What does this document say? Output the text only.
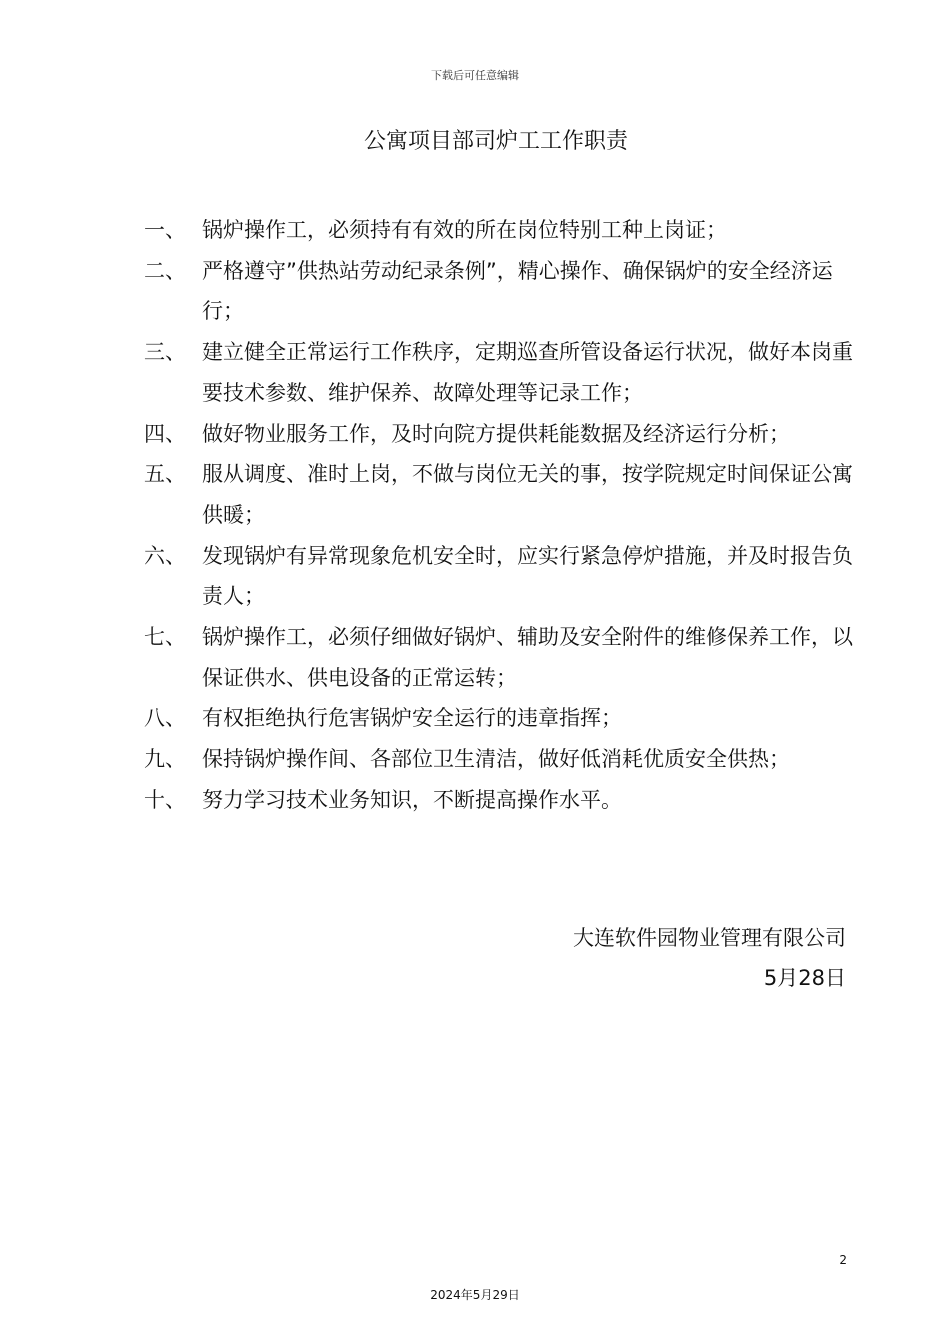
下载后可任意编辑
公寓项目部司炉工工作职责
一、 锅炉操作工，必须持有有效的所在岗位特别工种上岗证；
二、 严格遵守”供热站劳动纪录条例”，精心操作、确保锅炉的安全经济运行；
三、 建立健全正常运行工作秩序，定期巡查所管设备运行状况，做好本岗重要技术参数、维护保养、故障处理等记录工作；
四、 做好物业服务工作，及时向院方提供耗能数据及经济运行分析；
五、 服从调度、准时上岗，不做与岗位无关的事，按学院规定时间保证公寓供暖；
六、 发现锅炉有异常现象危机安全时，应实行紧急停炉措施，并及时报告负责人；
七、 锅炉操作工，必须仔细做好锅炉、辅助及安全附件的维修保养工作，以保证供水、供电设备的正常运转；
八、 有权拒绝执行危害锅炉安全运行的违章指挥；
九、 保持锅炉操作间、各部位卫生清洁，做好低消耗优质安全供热；
十、 努力学习技术业务知识，不断提高操作水平。
大连软件园物业管理有限公司
5月28日
2
2024年5月29日
